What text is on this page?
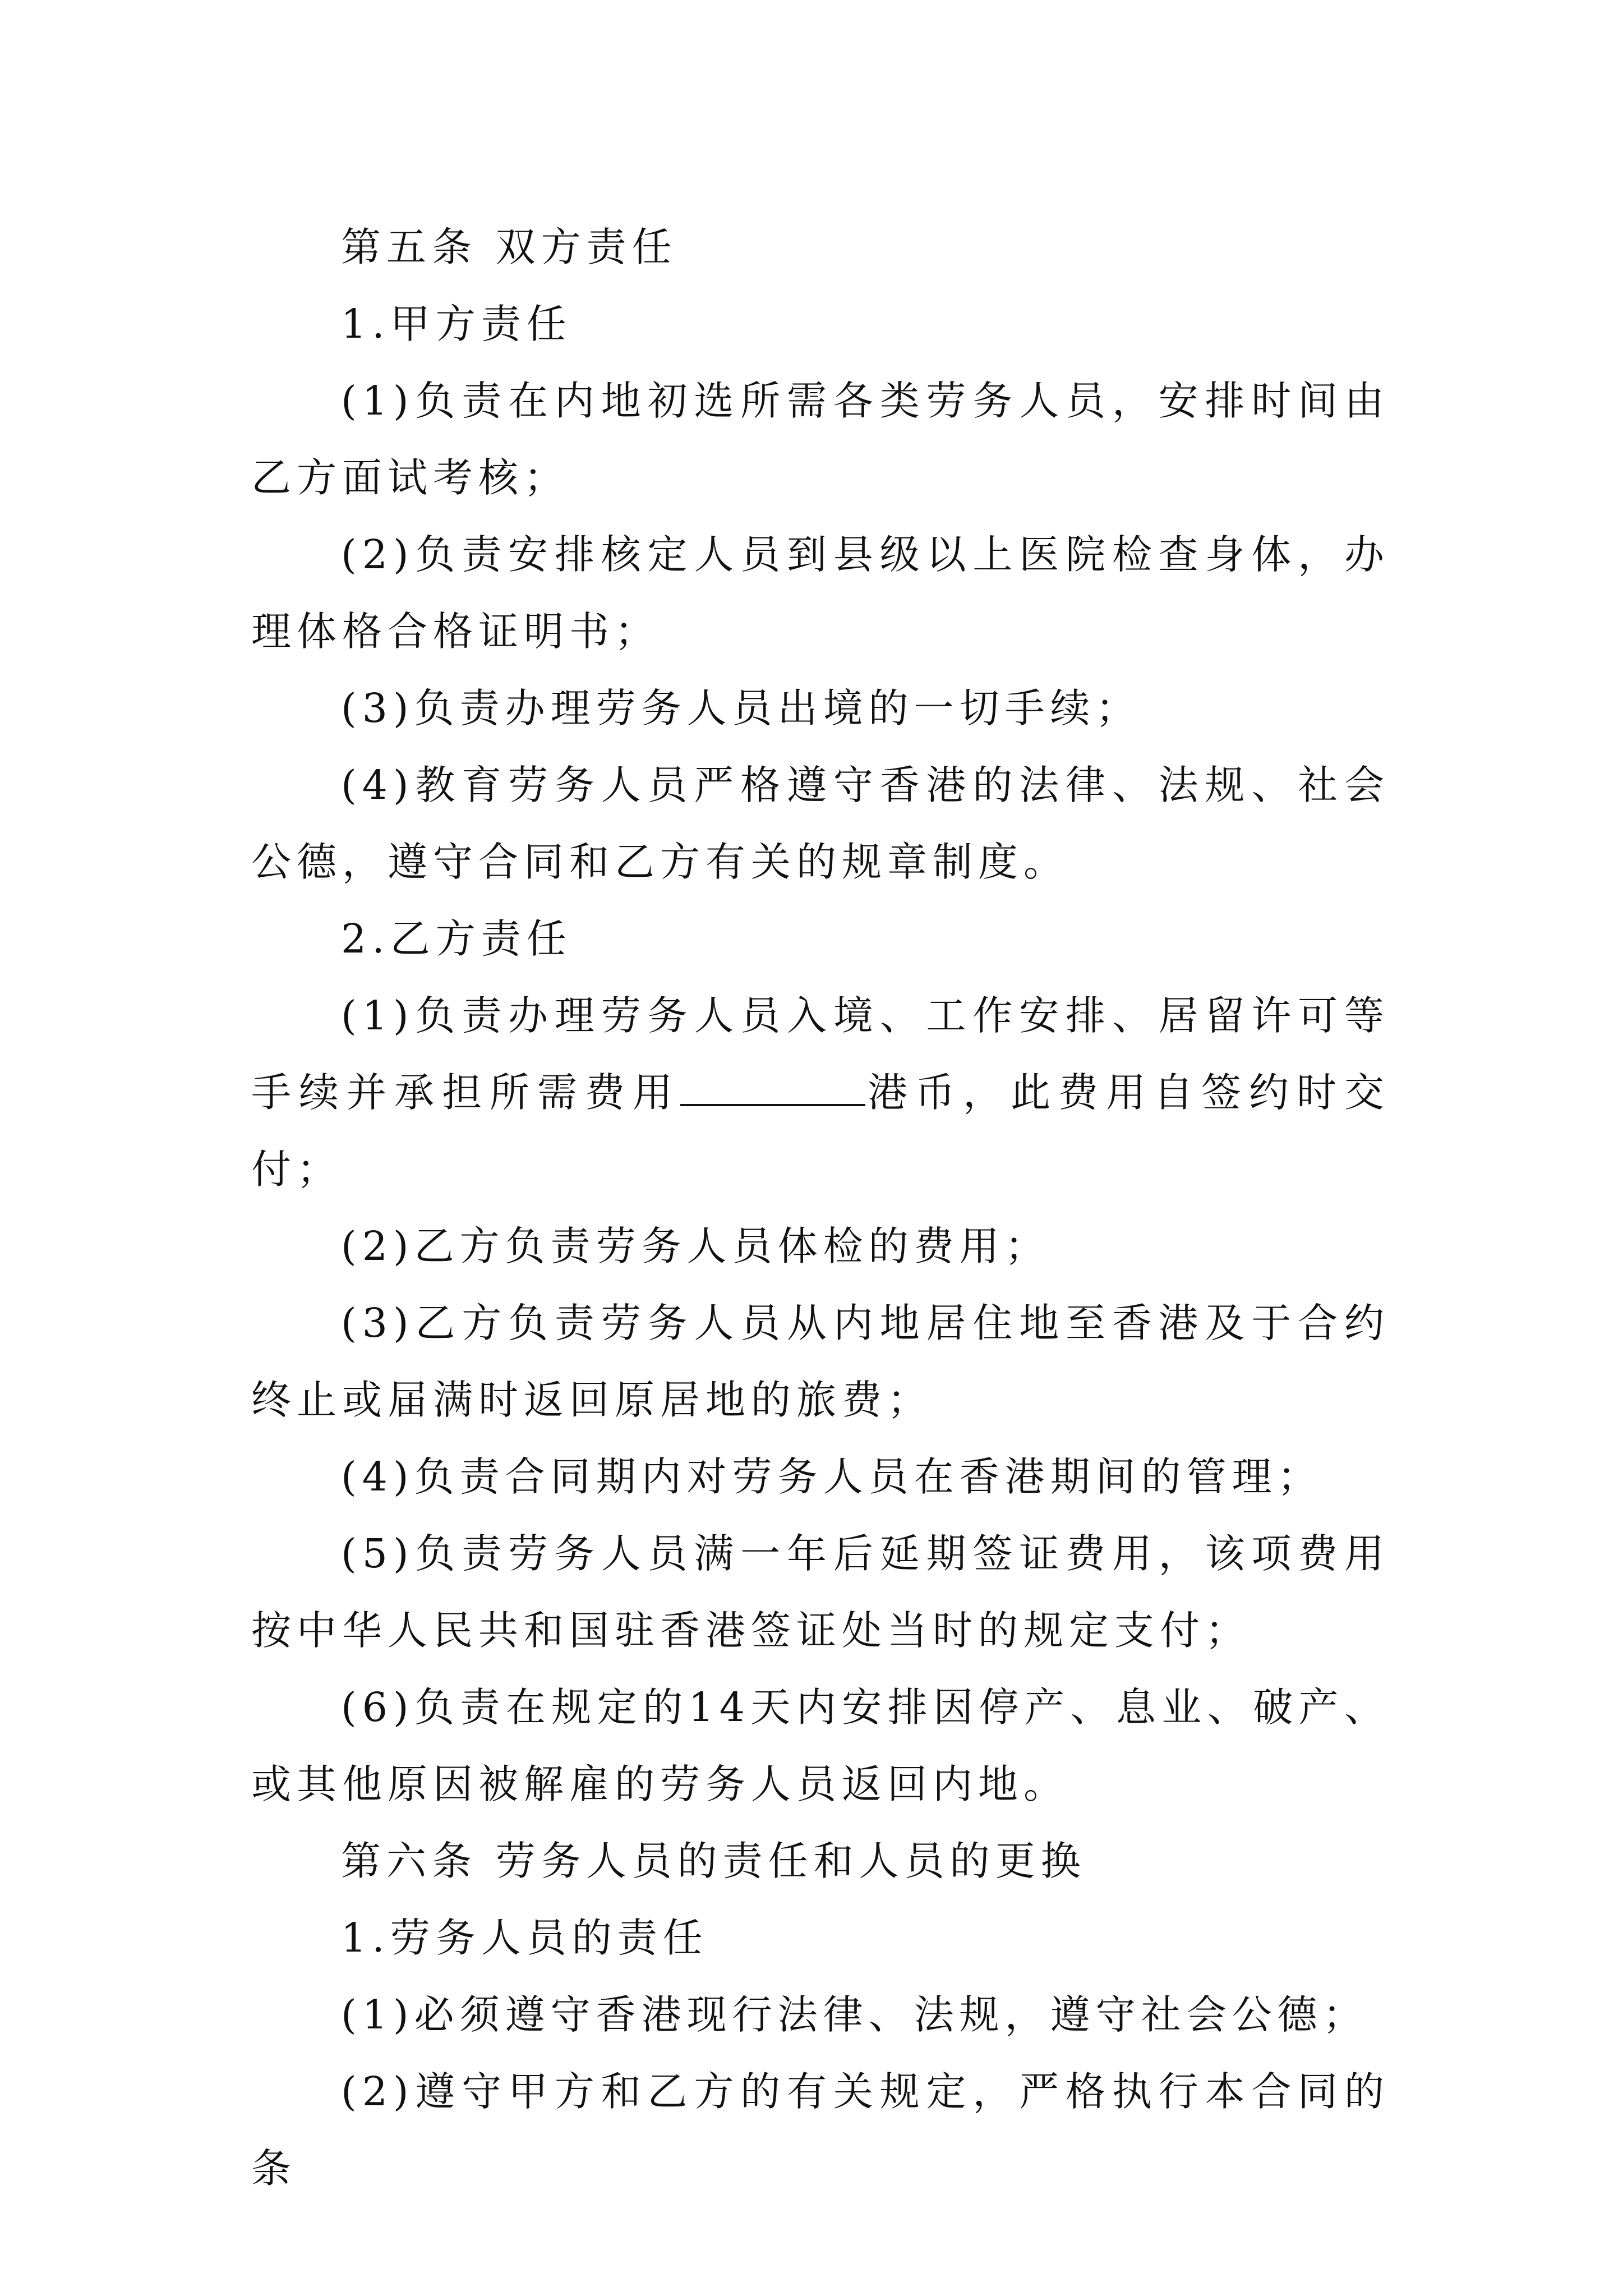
第五条 双方责任

1.甲方责任

(1)负责在内地初选所需各类劳务人员，安排时间由乙方面试考核；

(2)负责安排核定人员到县级以上医院检查身体，办理体格合格证明书；

(3)负责办理劳务人员出境的一切手续；

(4)教育劳务人员严格遵守香港的法律、法规、社会公德，遵守合同和乙方有关的规章制度。

2.乙方责任

(1)负责办理劳务人员入境、工作安排、居留许可等手续并承担所需费用	港币，此费用自签约时交付；

(2)乙方负责劳务人员体检的费用；

(3)乙方负责劳务人员从内地居住地至香港及于合约终止或届满时返回原居地的旅费；

(4)负责合同期内对劳务人员在香港期间的管理；

(5)负责劳务人员满一年后延期签证费用，该项费用按中华人民共和国驻香港签证处当时的规定支付；

(6)负责在规定的14天内安排因停产、息业、破产、或其他原因被解雇的劳务人员返回内地。

第六条 劳务人员的责任和人员的更换

1.劳务人员的责任

(1)必须遵守香港现行法律、法规，遵守社会公德；

(2)遵守甲方和乙方的有关规定，严格执行本合同的条
